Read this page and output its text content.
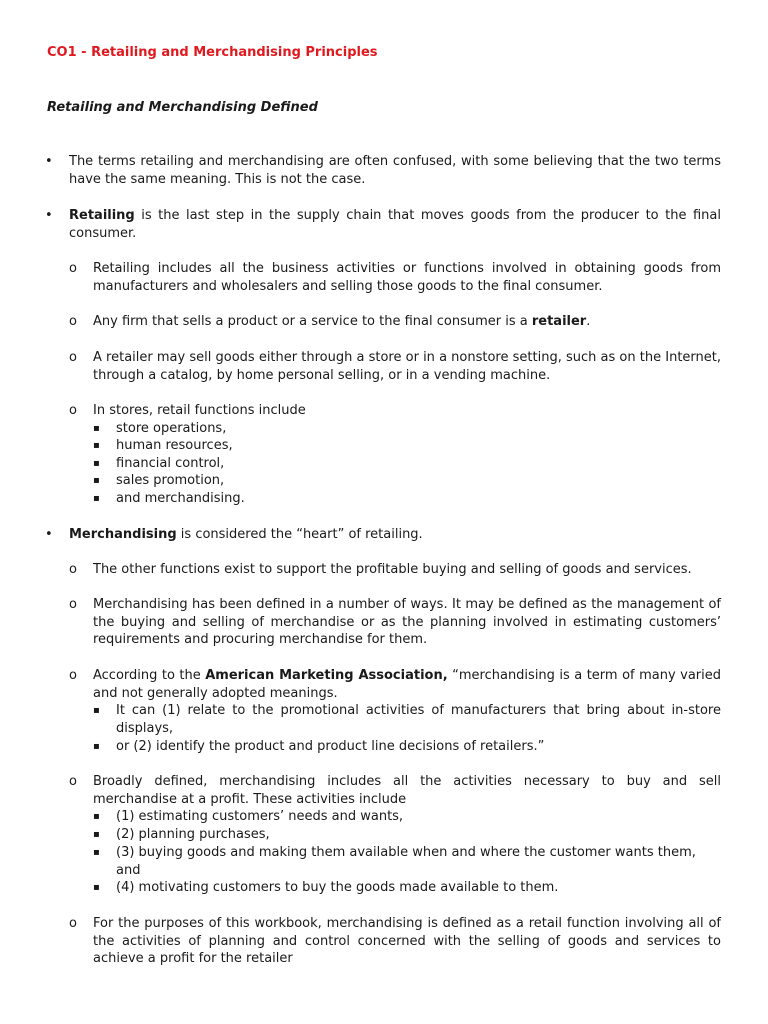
CO1 - Retailing and Merchandising Principles
Retailing and Merchandising Defined
• The terms retailing and merchandising are often confused, with some believing that the two terms have the same meaning. This is not the case.

• Retailing is the last step in the supply chain that moves goods from the producer to the final consumer.

o Retailing includes all the business activities or functions involved in obtaining goods from manufacturers and wholesalers and selling those goods to the final consumer.

o Any firm that sells a product or a service to the final consumer is a retailer.

o A retailer may sell goods either through a store or in a nonstore setting, such as on the Internet, through a catalog, by home personal selling, or in a vending machine.

o In stores, retail functions include

▪ store operations,

▪ human resources,

▪ financial control,

▪ sales promotion,

▪ and merchandising.

• Merchandising is considered the “heart” of retailing.

o The other functions exist to support the profitable buying and selling of goods and services.

o Merchandising has been defined in a number of ways. It may be defined as the management of the buying and selling of merchandise or as the planning involved in estimating customers’ requirements and procuring merchandise for them.

o According to the American Marketing Association, “merchandising is a term of many varied and not generally adopted meanings.

▪ It can (1) relate to the promotional activities of manufacturers that bring about in-store displays,

▪ or (2) identify the product and product line decisions of retailers.”

o Broadly defined, merchandising includes all the activities necessary to buy and sell merchandise at a profit. These activities include

▪ (1) estimating customers’ needs and wants,

▪ (2) planning purchases,

▪ (3) buying goods and making them available when and where the customer wants them, and

▪ (4) motivating customers to buy the goods made available to them.

o For the purposes of this workbook, merchandising is defined as a retail function involving all of the activities of planning and control concerned with the selling of goods and services to achieve a profit for the retailer
